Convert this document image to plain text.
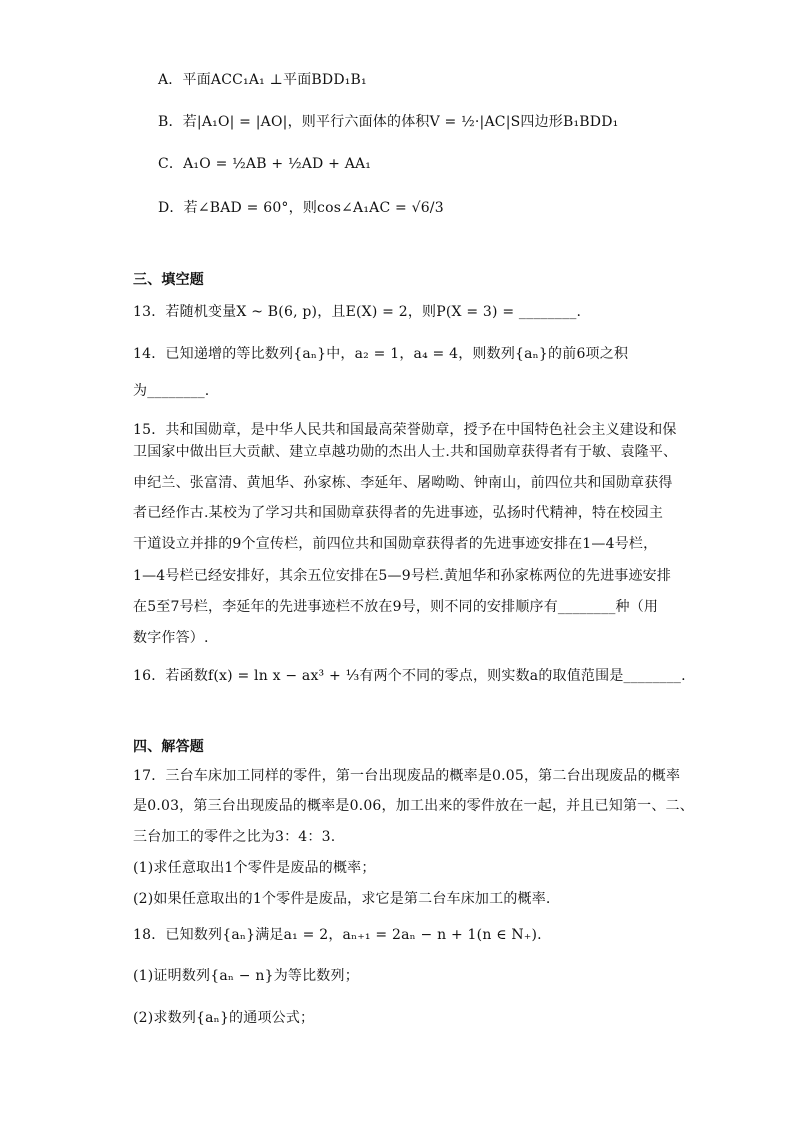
A．平面ACC₁A₁ ⊥平面BDD₁B₁
B．若|A₁O| = |AO|，则平行六面体的体积V = ½·|AC|S四边形B₁BDD₁
C．A₁O = ½AB + ½AD + AA₁
D．若∠BAD = 60°，则cos∠A₁AC = √6/3
三、填空题
13．若随机变量X ~ B(6, p)，且E(X) = 2，则P(X = 3) = ________.
14．已知递增的等比数列{aₙ}中，a₂ = 1，a₄ = 4，则数列{aₙ}的前6项之积
为________.
15．共和国勋章，是中华人民共和国最高荣誉勋章，授予在中国特色社会主义建设和保
卫国家中做出巨大贡献、建立卓越功勋的杰出人士.共和国勋章获得者有于敏、袁隆平、
申纪兰、张富清、黄旭华、孙家栋、李延年、屠呦呦、钟南山，前四位共和国勋章获得
者已经作古.某校为了学习共和国勋章获得者的先进事迹，弘扬时代精神，特在校园主
干道设立并排的9个宣传栏，前四位共和国勋章获得者的先进事迹安排在1—4号栏，
1—4号栏已经安排好，其余五位安排在5—9号栏.黄旭华和孙家栋两位的先进事迹安排
在5至7号栏，李延年的先进事迹栏不放在9号，则不同的安排顺序有________种（用
数字作答）.
16．若函数f(x) = ln x − ax³ + ⅓有两个不同的零点，则实数a的取值范围是________.
四、解答题
17．三台车床加工同样的零件，第一台出现废品的概率是0.05，第二台出现废品的概率
是0.03，第三台出现废品的概率是0.06，加工出来的零件放在一起，并且已知第一、二、
三台加工的零件之比为3：4：3.
(1)求任意取出1个零件是废品的概率；
(2)如果任意取出的1个零件是废品，求它是第二台车床加工的概率.
18．已知数列{aₙ}满足a₁ = 2，aₙ₊₁ = 2aₙ − n + 1(n ∈ N₊).
(1)证明数列{aₙ − n}为等比数列；
(2)求数列{aₙ}的通项公式；
